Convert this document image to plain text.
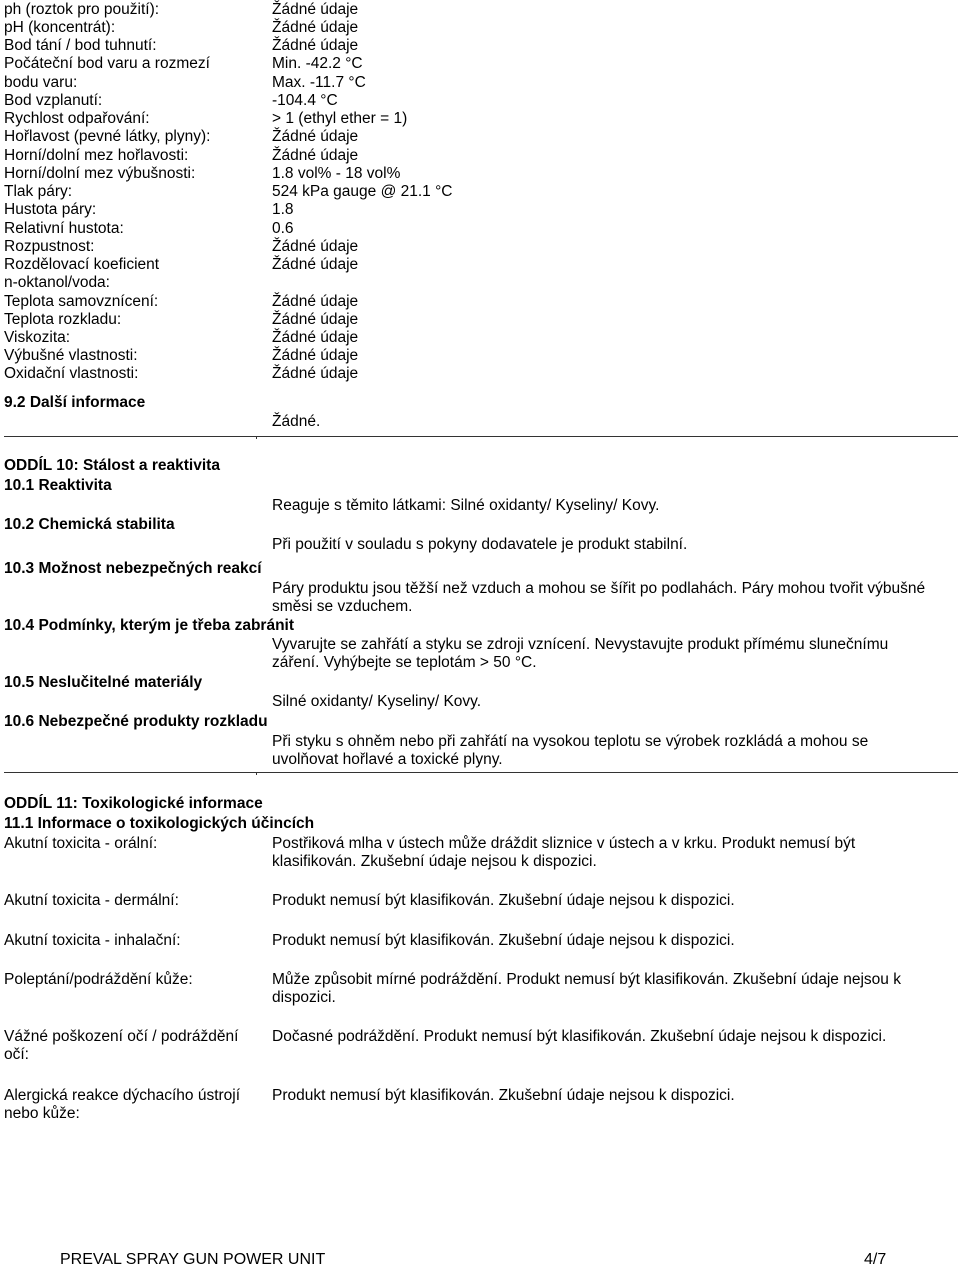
ph (roztok pro použití):	Žádné údaje
pH (koncentrát):	Žádné údaje
Bod tání / bod tuhnutí:	Žádné údaje
Počáteční bod varu a rozmezí	Min. -42.2 °C
bodu varu:	Max. -11.7 °C
Bod vzplanutí:	-104.4 °C
Rychlost odpařování:	> 1 (ethyl ether = 1)
Hořlavost (pevné látky, plyny):	Žádné údaje
Horní/dolní mez hořlavosti:	Žádné údaje
Horní/dolní mez výbušnosti:	1.8 vol% - 18 vol%
Tlak páry:	524 kPa gauge @ 21.1 °C
Hustota páry:	1.8
Relativní hustota:	0.6
Rozpustnost:	Žádné údaje
Rozdělovací koeficient	Žádné údaje
n-oktanol/voda:
Teplota samovznícení:	Žádné údaje
Teplota rozkladu:	Žádné údaje
Viskozita:	Žádné údaje
Výbušné vlastnosti:	Žádné údaje
Oxidační vlastnosti:	Žádné údaje
9.2 Další informace
Žádné.
ODDÍL 10: Stálost a reaktivita
10.1 Reaktivita
Reaguje s těmito látkami: Silné oxidanty/ Kyseliny/ Kovy.
10.2 Chemická stabilita
Při použití v souladu s pokyny dodavatele je produkt stabilní.
10.3 Možnost nebezpečných reakcí
Páry produktu jsou těžší než vzduch a mohou se šířit po podlahách. Páry mohou tvořit výbušné směsi se vzduchem.
10.4 Podmínky, kterým je třeba zabránit
Vyvarujte se zahřátí a styku se zdroji vznícení. Nevystavujte produkt přímému slunečnímu záření. Vyhýbejte se teplotám > 50 °C.
10.5 Neslučitelné materiály
Silné oxidanty/ Kyseliny/ Kovy.
10.6 Nebezpečné produkty rozkladu
Při styku s ohněm nebo při zahřátí na vysokou teplotu se výrobek rozkládá a mohou se uvolňovat hořlavé a toxické plyny.
ODDÍL 11: Toxikologické informace
11.1 Informace o toxikologických účincích
Akutní toxicita - orální:	Postřiková mlha v ústech může dráždit sliznice v ústech a v krku. Produkt nemusí být klasifikován. Zkušební údaje nejsou k dispozici.
Akutní toxicita - dermální:	Produkt nemusí být klasifikován. Zkušební údaje nejsou k dispozici.
Akutní toxicita - inhalační:	Produkt nemusí být klasifikován. Zkušební údaje nejsou k dispozici.
Poleptání/podráždění kůže:	Může způsobit mírné podráždění. Produkt nemusí být klasifikován. Zkušební údaje nejsou k dispozici.
Vážné poškození očí / podráždění očí:
Dočasné podráždění. Produkt nemusí být klasifikován. Zkušební údaje nejsou k dispozici.
Alergická reakce dýchacího ústrojí nebo kůže:
Produkt nemusí být klasifikován. Zkušební údaje nejsou k dispozici.
PREVAL SPRAY GUN POWER UNIT	4/7
